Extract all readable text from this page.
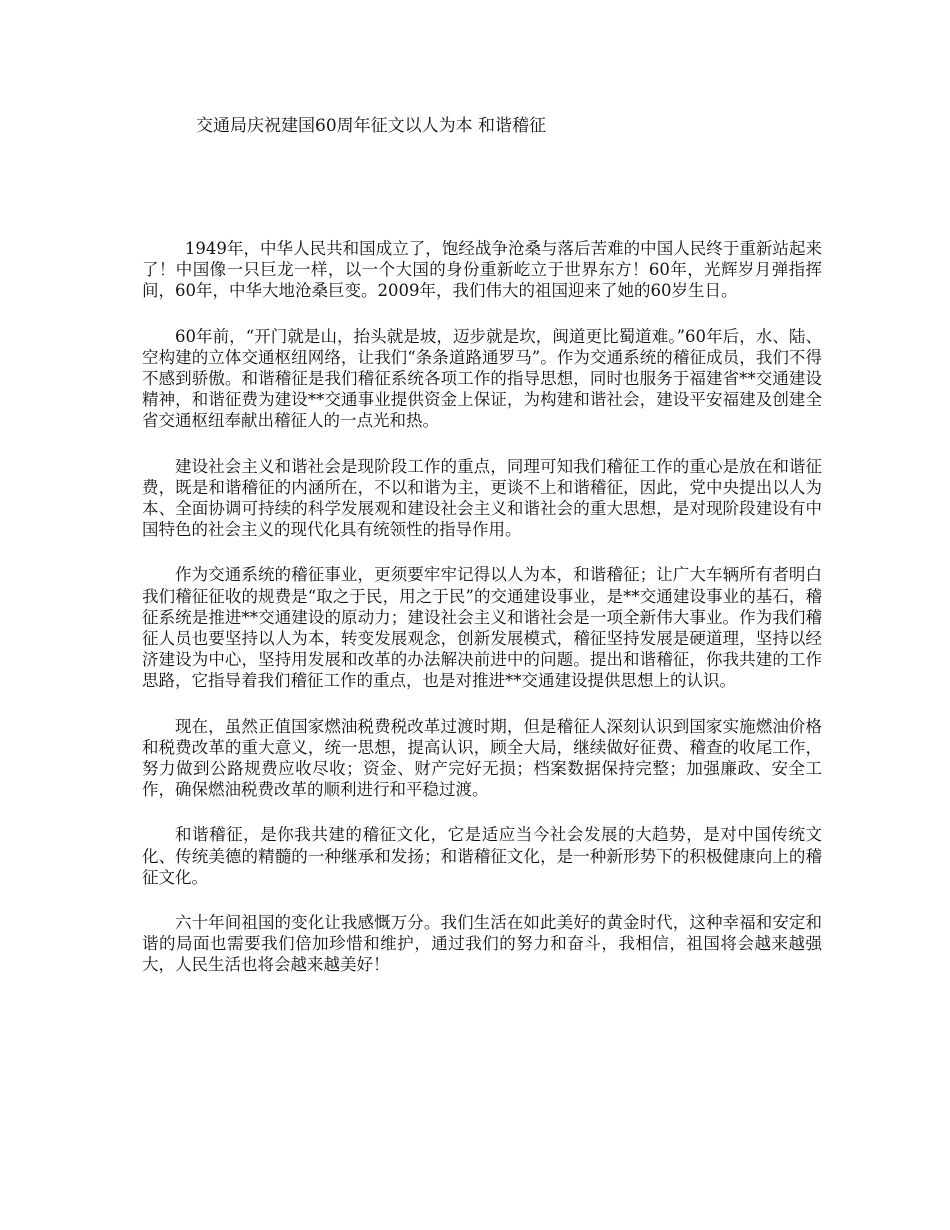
交通局庆祝建国60周年征文以人为本 和谐稽征

1949年，中华人民共和国成立了，饱经战争沧桑与落后苦难的中国人民终于重新站起来了！中国像一只巨龙一样，以一个大国的身份重新屹立于世界东方！60年，光辉岁月弹指挥间，60年，中华大地沧桑巨变。2009年，我们伟大的祖国迎来了她的60岁生日。

60年前，“开门就是山，抬头就是坡，迈步就是坎，闽道更比蜀道难。”60年后，水、陆、空构建的立体交通枢纽网络，让我们“条条道路通罗马”。作为交通系统的稽征成员，我们不得不感到骄傲。和谐稽征是我们稽征系统各项工作的指导思想，同时也服务于福建省**交通建设精神，和谐征费为建设**交通事业提供资金上保证，为构建和谐社会，建设平安福建及创建全省交通枢纽奉献出稽征人的一点光和热。

建设社会主义和谐社会是现阶段工作的重点，同理可知我们稽征工作的重心是放在和谐征费，既是和谐稽征的内涵所在，不以和谐为主，更谈不上和谐稽征，因此，党中央提出以人为本、全面协调可持续的科学发展观和建设社会主义和谐社会的重大思想，是对现阶段建设有中国特色的社会主义的现代化具有统领性的指导作用。

作为交通系统的稽征事业，更须要牢牢记得以人为本，和谐稽征；让广大车辆所有者明白我们稽征征收的规费是“取之于民，用之于民”的交通建设事业，是**交通建设事业的基石，稽征系统是推进**交通建设的原动力；建设社会主义和谐社会是一项全新伟大事业。作为我们稽征人员也要坚持以人为本，转变发展观念，创新发展模式，稽征坚持发展是硬道理，坚持以经济建设为中心，坚持用发展和改革的办法解决前进中的问题。提出和谐稽征，你我共建的工作思路，它指导着我们稽征工作的重点，也是对推进**交通建设提供思想上的认识。

现在，虽然正值国家燃油税费税改革过渡时期，但是稽征人深刻认识到国家实施燃油价格和税费改革的重大意义，统一思想，提高认识，顾全大局，继续做好征费、稽查的收尾工作，努力做到公路规费应收尽收；资金、财产完好无损；档案数据保持完整；加强廉政、安全工作，确保燃油税费改革的顺利进行和平稳过渡。

和谐稽征，是你我共建的稽征文化，它是适应当今社会发展的大趋势，是对中国传统文化、传统美德的精髓的一种继承和发扬；和谐稽征文化，是一种新形势下的积极健康向上的稽征文化。

六十年间祖国的变化让我感慨万分。我们生活在如此美好的黄金时代，这种幸福和安定和谐的局面也需要我们倍加珍惜和维护，通过我们的努力和奋斗，我相信，祖国将会越来越强大，人民生活也将会越来越美好！
